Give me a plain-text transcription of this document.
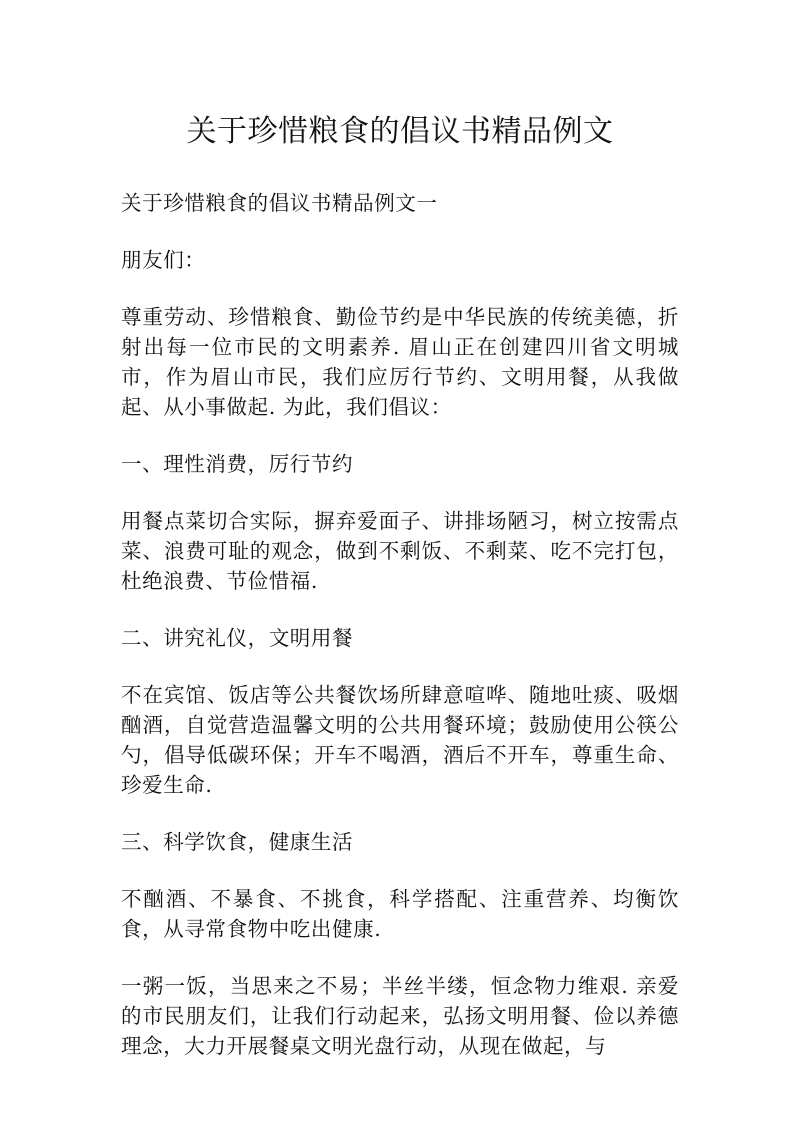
关于珍惜粮食的倡议书精品例文

关于珍惜粮食的倡议书精品例文一

朋友们：

尊重劳动、珍惜粮食、勤俭节约是中华民族的传统美德，折射出每一位市民的文明素养. 眉山正在创建四川省文明城市，作为眉山市民，我们应厉行节约、文明用餐，从我做起、从小事做起. 为此，我们倡议：

一、理性消费，厉行节约

用餐点菜切合实际，摒弃爱面子、讲排场陋习，树立按需点菜、浪费可耻的观念，做到不剩饭、不剩菜、吃不完打包，杜绝浪费、节俭惜福.

二、讲究礼仪，文明用餐

不在宾馆、饭店等公共餐饮场所肆意喧哗、随地吐痰、吸烟酗酒，自觉营造温馨文明的公共用餐环境；鼓励使用公筷公勺，倡导低碳环保；开车不喝酒，酒后不开车，尊重生命、珍爱生命.

三、科学饮食，健康生活

不酗酒、不暴食、不挑食，科学搭配、注重营养、均衡饮食，从寻常食物中吃出健康.

一粥一饭，当思来之不易；半丝半缕，恒念物力维艰. 亲爱的市民朋友们，让我们行动起来，弘扬文明用餐、俭以养德理念，大力开展餐桌文明光盘行动，从现在做起，与
